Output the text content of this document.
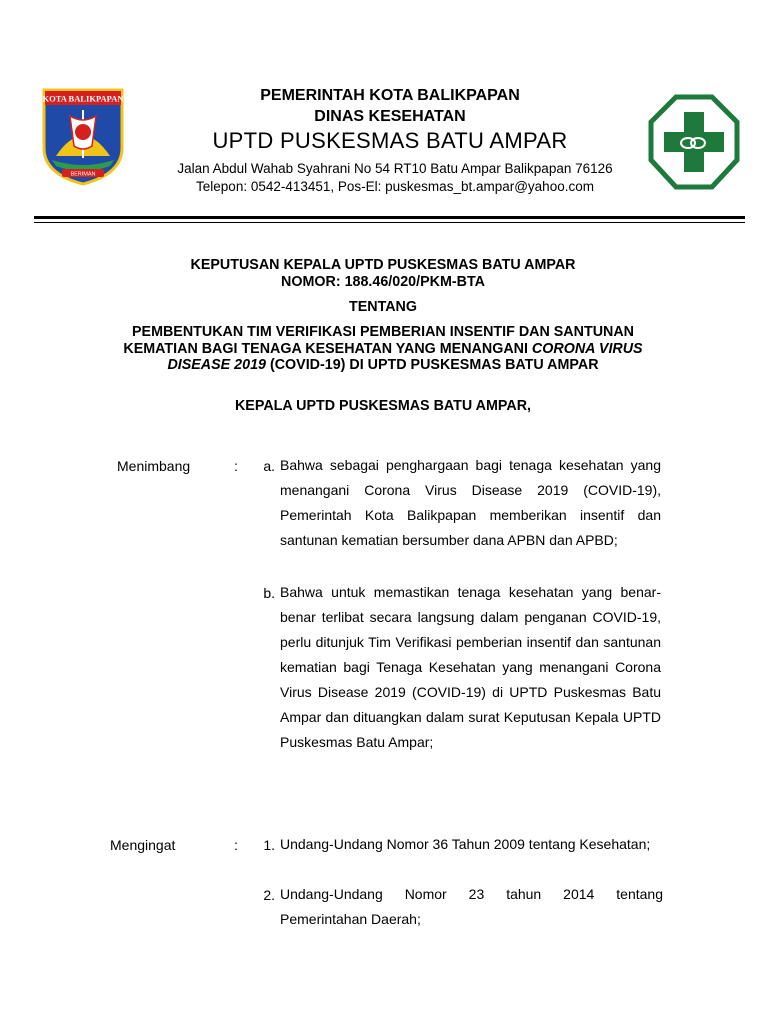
KOTA BALIKPAPAN
BERIMAN
PEMERINTAH KOTA BALIKPAPAN
DINAS KESEHATAN
UPTD PUSKESMAS BATU AMPAR
Jalan Abdul Wahab Syahrani No 54 RT10 Batu Ampar Balikpapan 76126
Telepon: 0542-413451, Pos-El: puskesmas_bt.ampar@yahoo.com
KEPUTUSAN KEPALA UPTD PUSKESMAS BATU AMPAR
NOMOR: 188.46/020/PKM-BTA
TENTANG
PEMBENTUKAN TIM VERIFIKASI PEMBERIAN INSENTIF DAN SANTUNAN
KEMATIAN BAGI TENAGA KESEHATAN YANG MENANGANI CORONA VIRUS
DISEASE 2019 (COVID-19) DI UPTD PUSKESMAS BATU AMPAR
KEPALA UPTD PUSKESMAS BATU AMPAR,
Menimbang	:	a. Bahwa sebagai penghargaan bagi tenaga kesehatan yang menangani Corona Virus Disease 2019 (COVID-19), Pemerintah Kota Balikpapan memberikan insentif dan santunan kematian bersumber dana APBN dan APBD;

b. Bahwa untuk memastikan tenaga kesehatan yang benar-benar terlibat secara langsung dalam penganan COVID-19, perlu ditunjuk Tim Verifikasi pemberian insentif dan santunan kematian bagi Tenaga Kesehatan yang menangani Corona Virus Disease 2019 (COVID-19) di UPTD Puskesmas Batu Ampar dan dituangkan dalam surat Keputusan Kepala UPTD Puskesmas Batu Ampar;

Mengingat	:	1. Undang-Undang Nomor 36 Tahun 2009 tentang Kesehatan;

2. Undang-Undang Nomor 23 tahun 2014 tentang Pemerintahan Daerah;
